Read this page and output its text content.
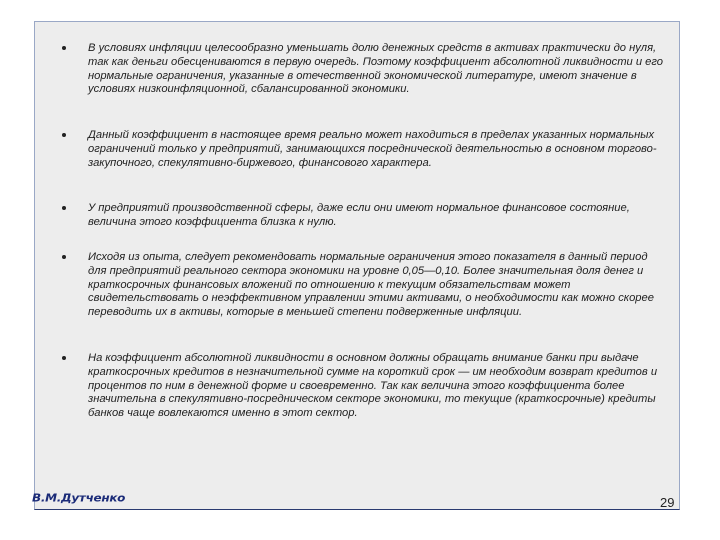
В условиях инфляции целесообразно уменьшать долю денежных средств в активах практически до нуля, так как деньги обесцениваются в первую очередь. Поэтому коэффициент абсолютной ликвидности и его нормальные ограничения, указанные в отечественной экономической литературе, имеют значение в условиях низкоинфляционной, сбалансированной экономики.
Данный коэффициент в настоящее время реально может находиться в пределах указанных нормальных ограничений только у предприятий, занимающихся посреднической деятельностью в основном торгово-закупочного, спекулятивно-биржевого, финансового характера.
У предприятий производственной сферы, даже если они имеют нормальное финансовое состояние, величина этого коэффициента близка к нулю.
Исходя из опыта, следует рекомендовать нормальные ограничения этого показателя в данный период для предприятий реального сектора экономики на уровне 0,05—0,10. Более значительная доля денег и краткосрочных финансовых вложений по отношению к текущим обязательствам может свидетельствовать о неэффективном управлении этими активами, о необходимости как можно скорее переводить их в активы, которые в меньшей степени подверженные инфляции.
На коэффициент абсолютной ликвидности в основном должны обращать внимание банки при выдаче краткосрочных кредитов в незначительной сумме на короткий срок — им необходим возврат кредитов и процентов по ним в денежной форме и своевременно. Так как величина этого коэффициента более значительна в спекулятивно-посредническом секторе экономики, то текущие (краткосрочные) кредиты банков чаще вовлекаются именно в этот сектор.
В.М.Дутченко	29
